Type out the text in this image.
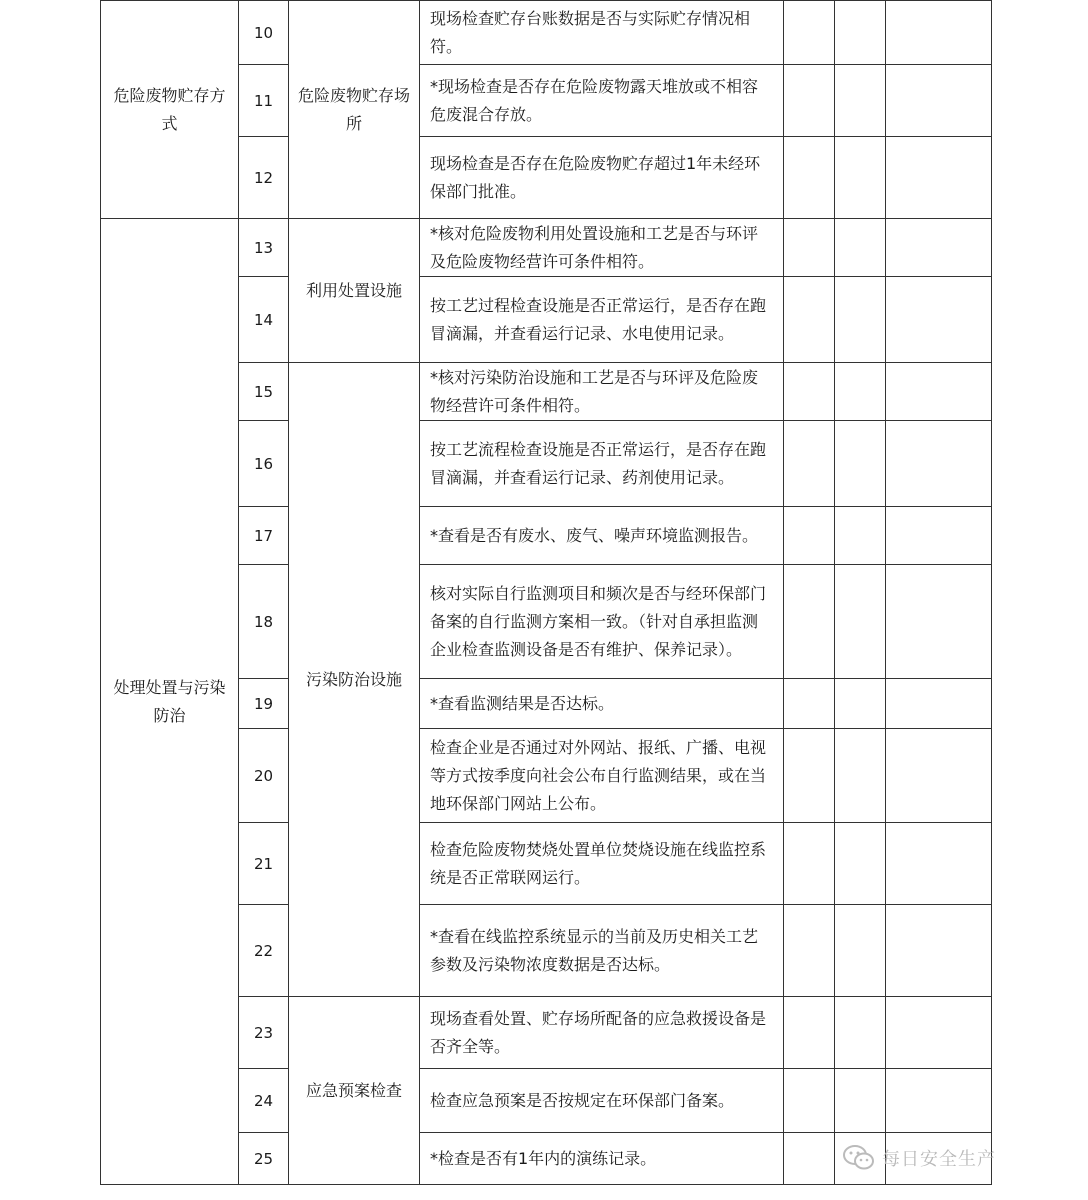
危险废物贮存方式	10	危险废物贮存场所	现场检查贮存台账数据是否与实际贮存情况相符。			
	11		*现场检查是否存在危险废物露天堆放或不相容危废混合存放。			
	12		现场检查是否存在危险废物贮存超过1年未经环保部门批准。			
处理处置与污染防治	13	利用处置设施	*核对危险废物利用处置设施和工艺是否与环评及危险废物经营许可条件相符。			
	14		按工艺过程检查设施是否正常运行，是否存在跑冒滴漏，并查看运行记录、水电使用记录。			
	15	污染防治设施	*核对污染防治设施和工艺是否与环评及危险废物经营许可条件相符。			
	16		按工艺流程检查设施是否正常运行，是否存在跑冒滴漏，并查看运行记录、药剂使用记录。			
	17		*查看是否有废水、废气、噪声环境监测报告。			
	18		核对实际自行监测项目和频次是否与经环保部门备案的自行监测方案相一致。（针对自承担监测企业检查监测设备是否有维护、保养记录）。			
	19		*查看监测结果是否达标。			
	20		检查企业是否通过对外网站、报纸、广播、电视等方式按季度向社会公布自行监测结果，或在当地环保部门网站上公布。			
	21		检查危险废物焚烧处置单位焚烧设施在线监控系统是否正常联网运行。			
	22		*查看在线监控系统显示的当前及历史相关工艺参数及污染物浓度数据是否达标。			
	23	应急预案检查	现场查看处置、贮存场所配备的应急救援设备是否齐全等。			
	24		检查应急预案是否按规定在环保部门备案。			
	25		*检查是否有1年内的演练记录。				每日安全生产
